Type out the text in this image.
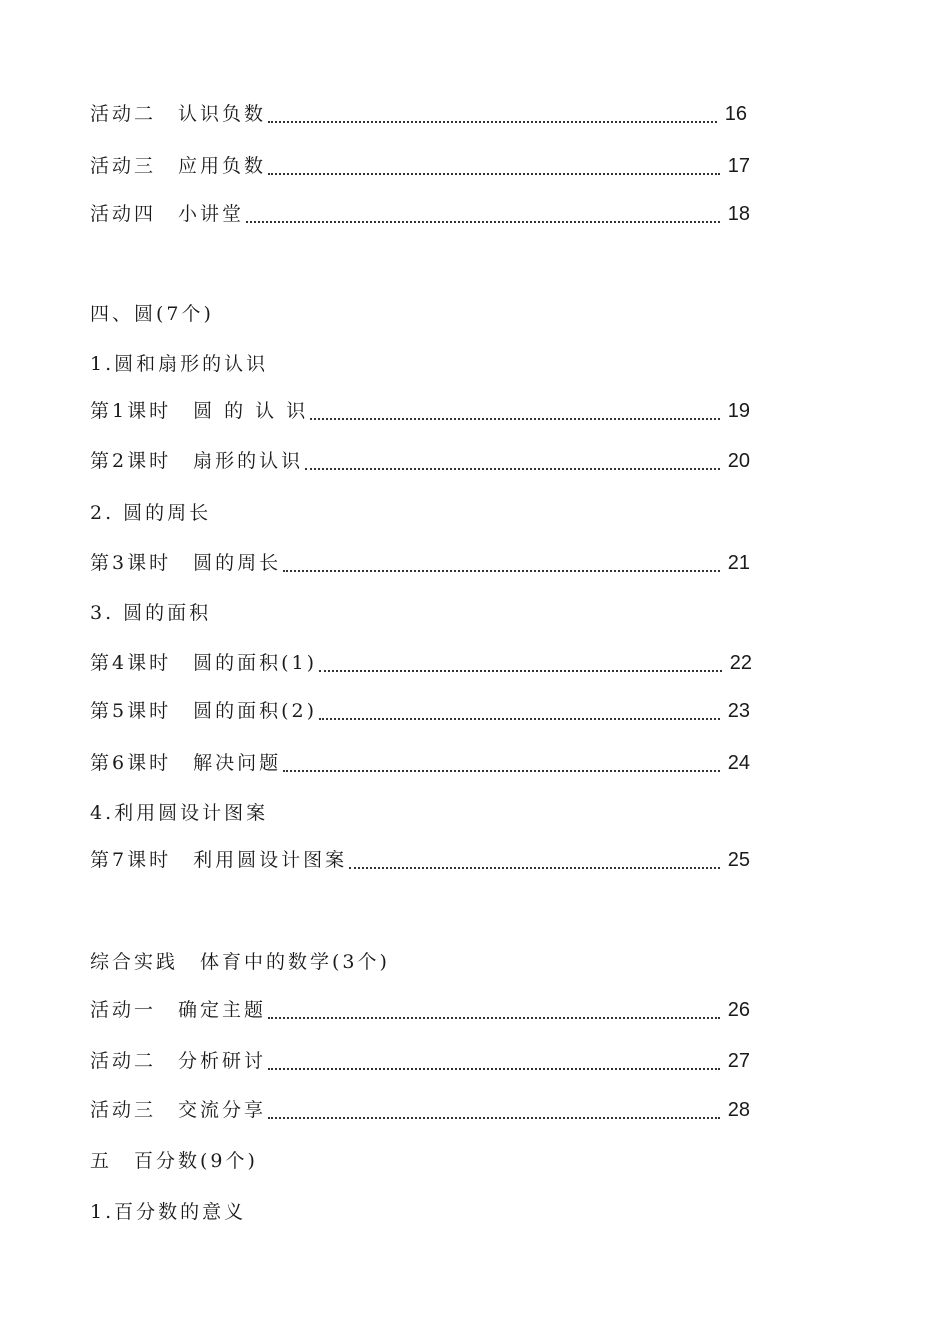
活动二　认识负数	16
活动三　应用负数	17
活动四　小讲堂	18
四、圆(7个)
1.圆和扇形的认识
第1课时　圆 的 认 识	19
第2课时　扇形的认识	20
2. 圆的周长
第3课时　圆的周长	21
3. 圆的面积
第4课时　圆的面积(1)	22
第5课时　圆的面积(2)	23
第6课时　解决问题	24
4.利用圆设计图案
第7课时　利用圆设计图案	25
综合实践　体育中的数学(3个)
活动一　确定主题	26
活动二　分析研讨	27
活动三　交流分享	28
五　百分数(9个)
1.百分数的意义
